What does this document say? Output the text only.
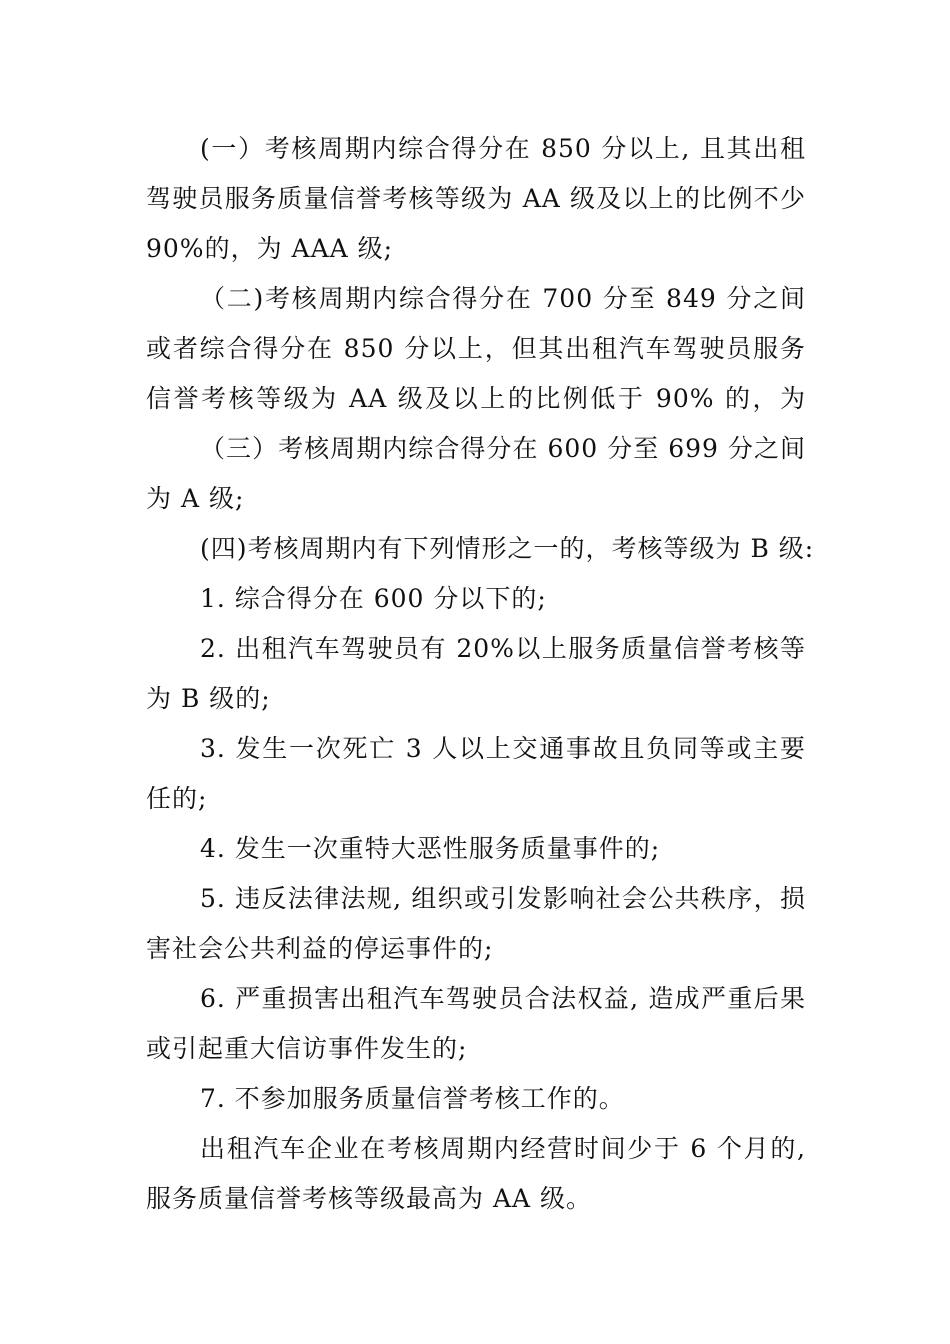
(一）考核周期内综合得分在 850 分以上, 且其出租
驾驶员服务质量信誉考核等级为 AA 级及以上的比例不少
90%的，为 AAA 级;
（二)考核周期内综合得分在 700 分至 849 分之间
或者综合得分在 850 分以上，但其出租汽车驾驶员服务
信誉考核等级为 AA 级及以上的比例低于 90% 的，为
（三）考核周期内综合得分在 600 分至 699 分之间
为 A 级;
(四)考核周期内有下列情形之一的，考核等级为 B 级:
1. 综合得分在 600 分以下的;
2. 出租汽车驾驶员有 20%以上服务质量信誉考核等
为 B 级的;
3. 发生一次死亡 3 人以上交通事故且负同等或主要
任的;
4. 发生一次重特大恶性服务质量事件的;
5. 违反法律法规, 组织或引发影响社会公共秩序，损
害社会公共利益的停运事件的;
6. 严重损害出租汽车驾驶员合法权益, 造成严重后果
或引起重大信访事件发生的;
7. 不参加服务质量信誉考核工作的。
出租汽车企业在考核周期内经营时间少于 6 个月的,
服务质量信誉考核等级最高为 AA 级。
